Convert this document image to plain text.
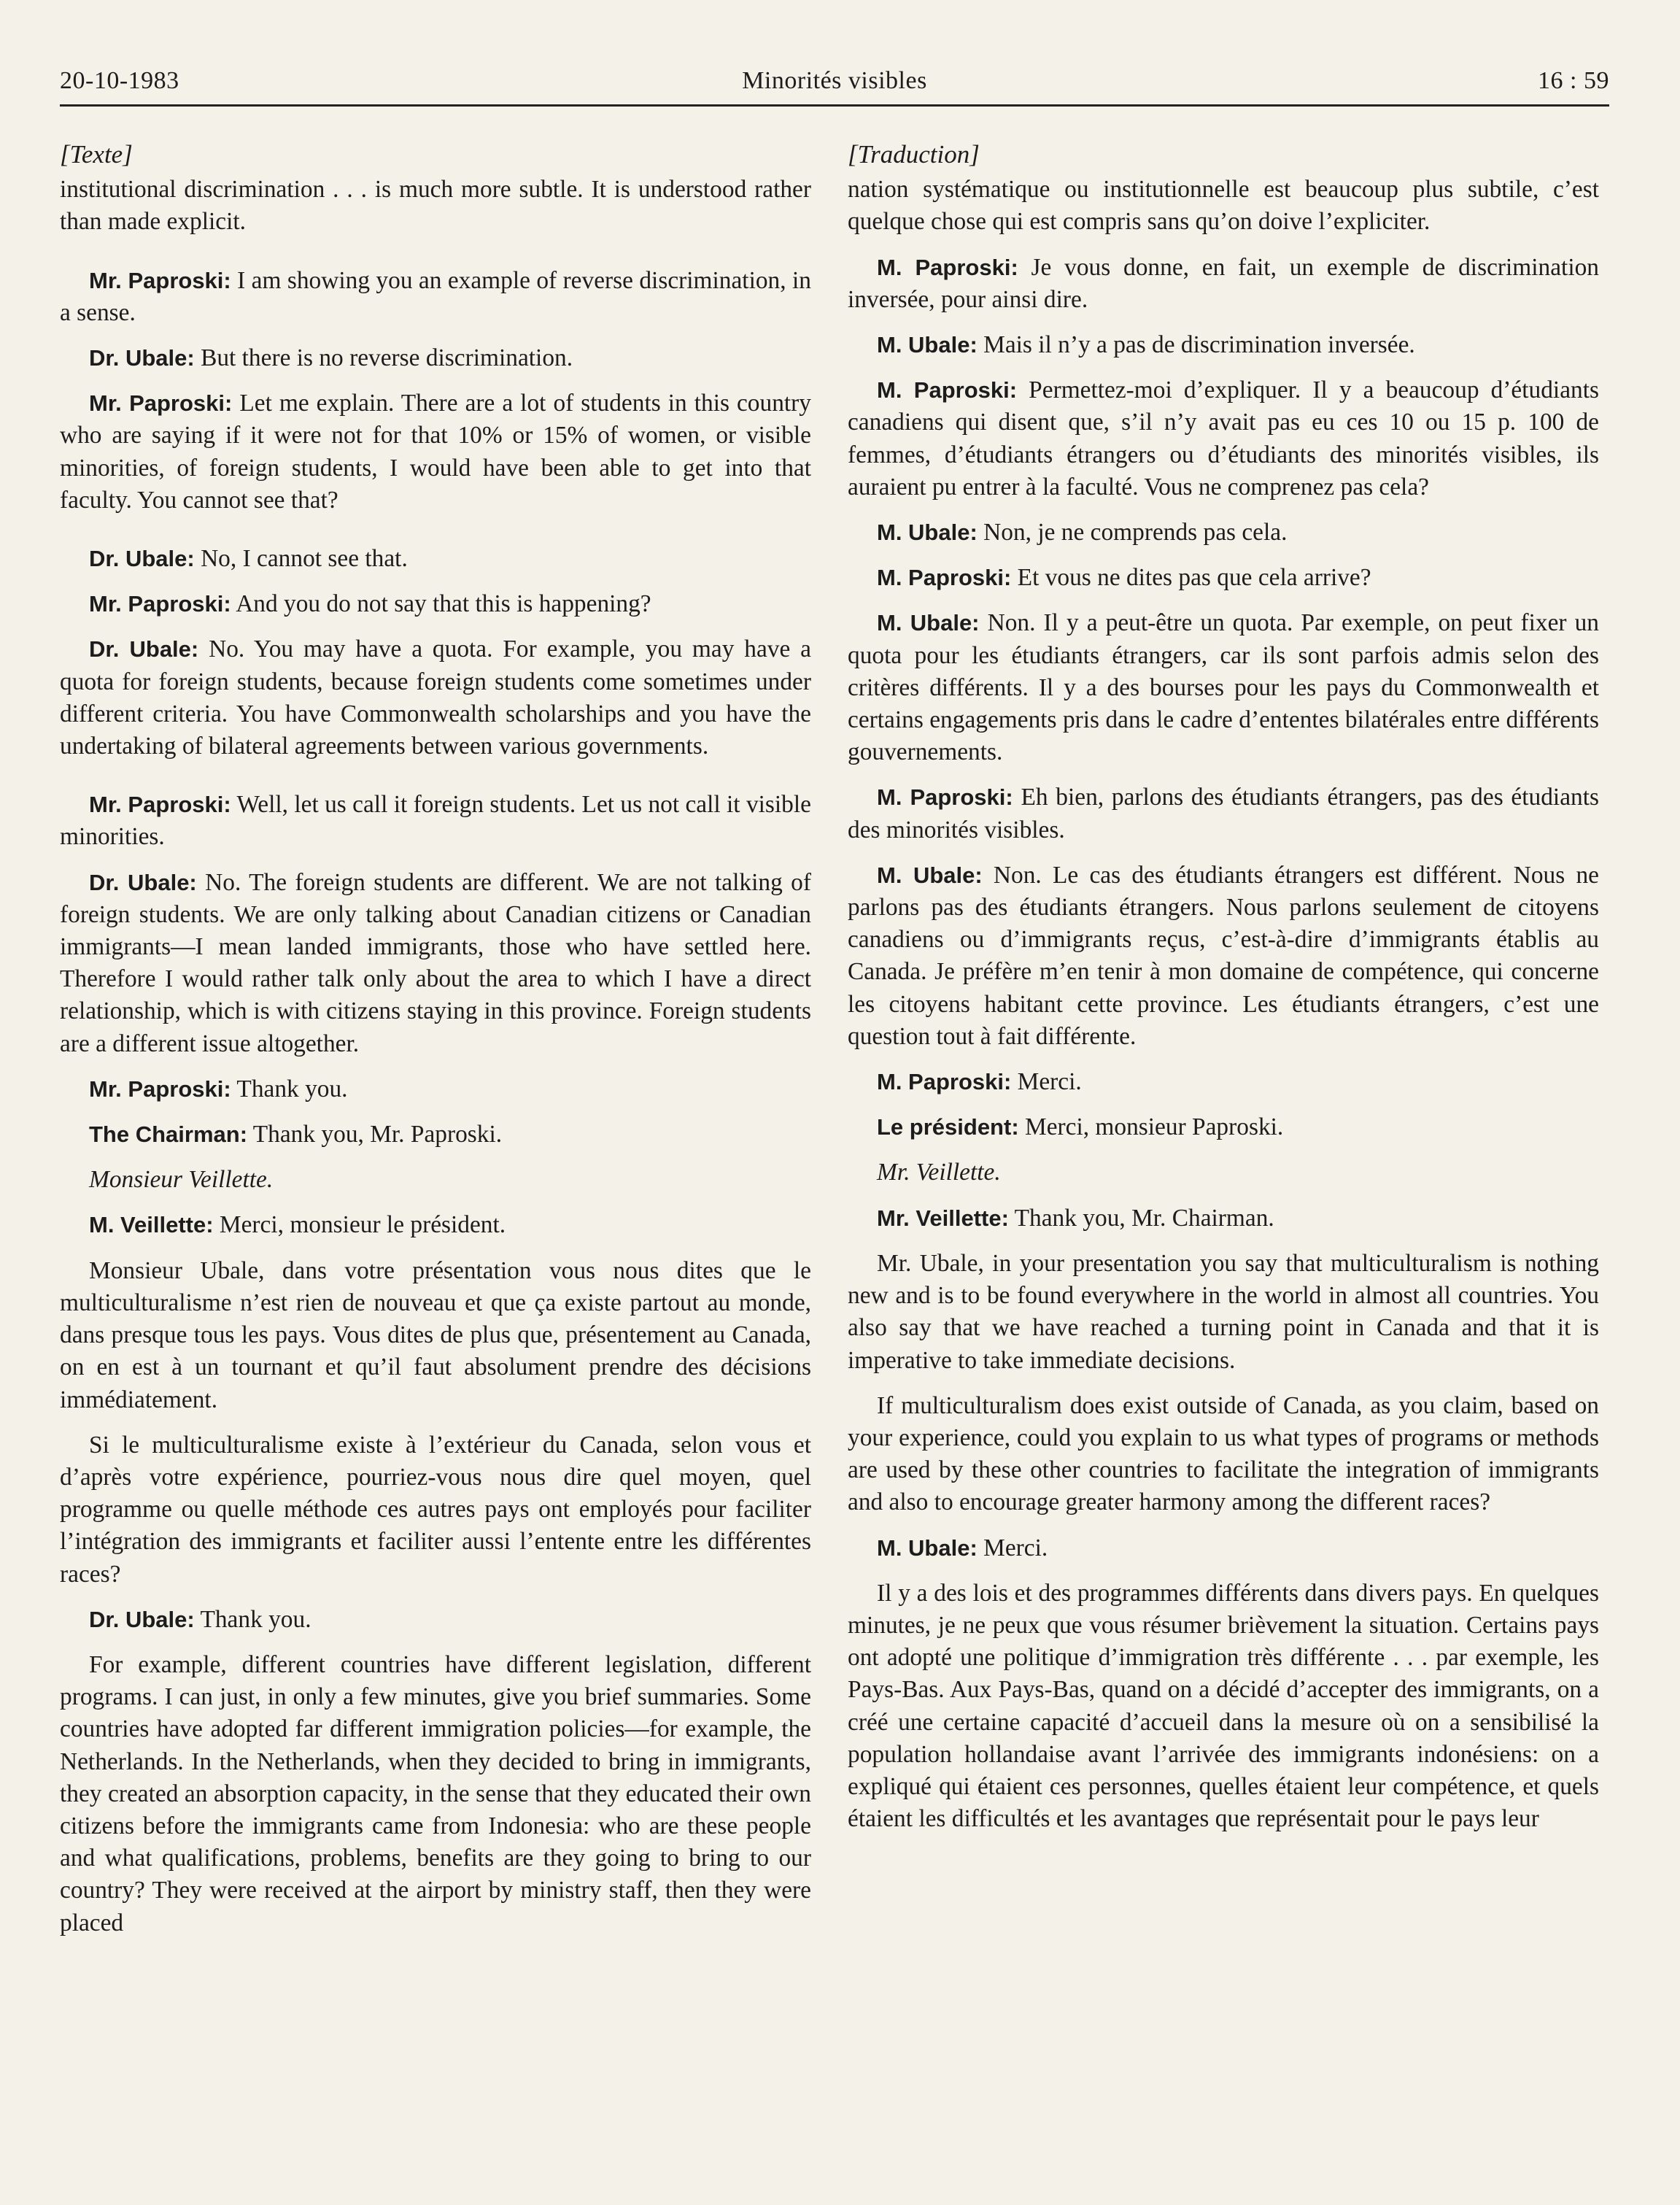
20-10-1983	Minorités visibles	16 : 59

[Texte]

institutional discrimination . . . is much more subtle. It is understood rather than made explicit.

Mr. Paproski: I am showing you an example of reverse discrimination, in a sense.

Dr. Ubale: But there is no reverse discrimination.

Mr. Paproski: Let me explain. There are a lot of students in this country who are saying if it were not for that 10% or 15% of women, or visible minorities, of foreign students, I would have been able to get into that faculty. You cannot see that?

Dr. Ubale: No, I cannot see that.

Mr. Paproski: And you do not say that this is happening?

Dr. Ubale: No. You may have a quota. For example, you may have a quota for foreign students, because foreign students come sometimes under different criteria. You have Commonwealth scholarships and you have the undertaking of bilateral agreements between various governments.

Mr. Paproski: Well, let us call it foreign students. Let us not call it visible minorities.

Dr. Ubale: No. The foreign students are different. We are not talking of foreign students. We are only talking about Canadian citizens or Canadian immigrants—I mean landed immigrants, those who have settled here. Therefore I would rather talk only about the area to which I have a direct relationship, which is with citizens staying in this province. Foreign students are a different issue altogether.

Mr. Paproski: Thank you.

The Chairman: Thank you, Mr. Paproski.

Monsieur Veillette.

M. Veillette: Merci, monsieur le président.

Monsieur Ubale, dans votre présentation vous nous dites que le multiculturalisme n’est rien de nouveau et que ça existe partout au monde, dans presque tous les pays. Vous dites de plus que, présentement au Canada, on en est à un tournant et qu’il faut absolument prendre des décisions immédiatement.

Si le multiculturalisme existe à l’extérieur du Canada, selon vous et d’après votre expérience, pourriez-vous nous dire quel moyen, quel programme ou quelle méthode ces autres pays ont employés pour faciliter l’intégration des immigrants et faciliter aussi l’entente entre les différentes races?

Dr. Ubale: Thank you.

For example, different countries have different legislation, different programs. I can just, in only a few minutes, give you brief summaries. Some countries have adopted far different immigration policies—for example, the Netherlands. In the Netherlands, when they decided to bring in immigrants, they created an absorption capacity, in the sense that they educated their own citizens before the immigrants came from Indonesia: who are these people and what qualifications, problems, benefits are they going to bring to our country? They were received at the airport by ministry staff, then they were placed

[Traduction]

nation systématique ou institutionnelle est beaucoup plus subtile, c’est quelque chose qui est compris sans qu’on doive l’expliciter.

M. Paproski: Je vous donne, en fait, un exemple de discrimination inversée, pour ainsi dire.

M. Ubale: Mais il n’y a pas de discrimination inversée.

M. Paproski: Permettez-moi d’expliquer. Il y a beaucoup d’étudiants canadiens qui disent que, s’il n’y avait pas eu ces 10 ou 15 p. 100 de femmes, d’étudiants étrangers ou d’étudiants des minorités visibles, ils auraient pu entrer à la faculté. Vous ne comprenez pas cela?

M. Ubale: Non, je ne comprends pas cela.

M. Paproski: Et vous ne dites pas que cela arrive?

M. Ubale: Non. Il y a peut-être un quota. Par exemple, on peut fixer un quota pour les étudiants étrangers, car ils sont parfois admis selon des critères différents. Il y a des bourses pour les pays du Commonwealth et certains engagements pris dans le cadre d’ententes bilatérales entre différents gouvernements.

M. Paproski: Eh bien, parlons des étudiants étrangers, pas des étudiants des minorités visibles.

M. Ubale: Non. Le cas des étudiants étrangers est différent. Nous ne parlons pas des étudiants étrangers. Nous parlons seulement de citoyens canadiens ou d’immigrants reçus, c’est-à-dire d’immigrants établis au Canada. Je préfère m’en tenir à mon domaine de compétence, qui concerne les citoyens habitant cette province. Les étudiants étrangers, c’est une question tout à fait différente.

M. Paproski: Merci.

Le président: Merci, monsieur Paproski.

Mr. Veillette.

Mr. Veillette: Thank you, Mr. Chairman.

Mr. Ubale, in your presentation you say that multiculturalism is nothing new and is to be found everywhere in the world in almost all countries. You also say that we have reached a turning point in Canada and that it is imperative to take immediate decisions.

If multiculturalism does exist outside of Canada, as you claim, based on your experience, could you explain to us what types of programs or methods are used by these other countries to facilitate the integration of immigrants and also to encourage greater harmony among the different races?

M. Ubale: Merci.

Il y a des lois et des programmes différents dans divers pays. En quelques minutes, je ne peux que vous résumer brièvement la situation. Certains pays ont adopté une politique d’immigration très différente . . . par exemple, les Pays-Bas. Aux Pays-Bas, quand on a décidé d’accepter des immigrants, on a créé une certaine capacité d’accueil dans la mesure où on a sensibilisé la population hollandaise avant l’arrivée des immigrants indonésiens: on a expliqué qui étaient ces personnes, quelles étaient leur compétence, et quels étaient les difficultés et les avantages que représentait pour le pays leur
